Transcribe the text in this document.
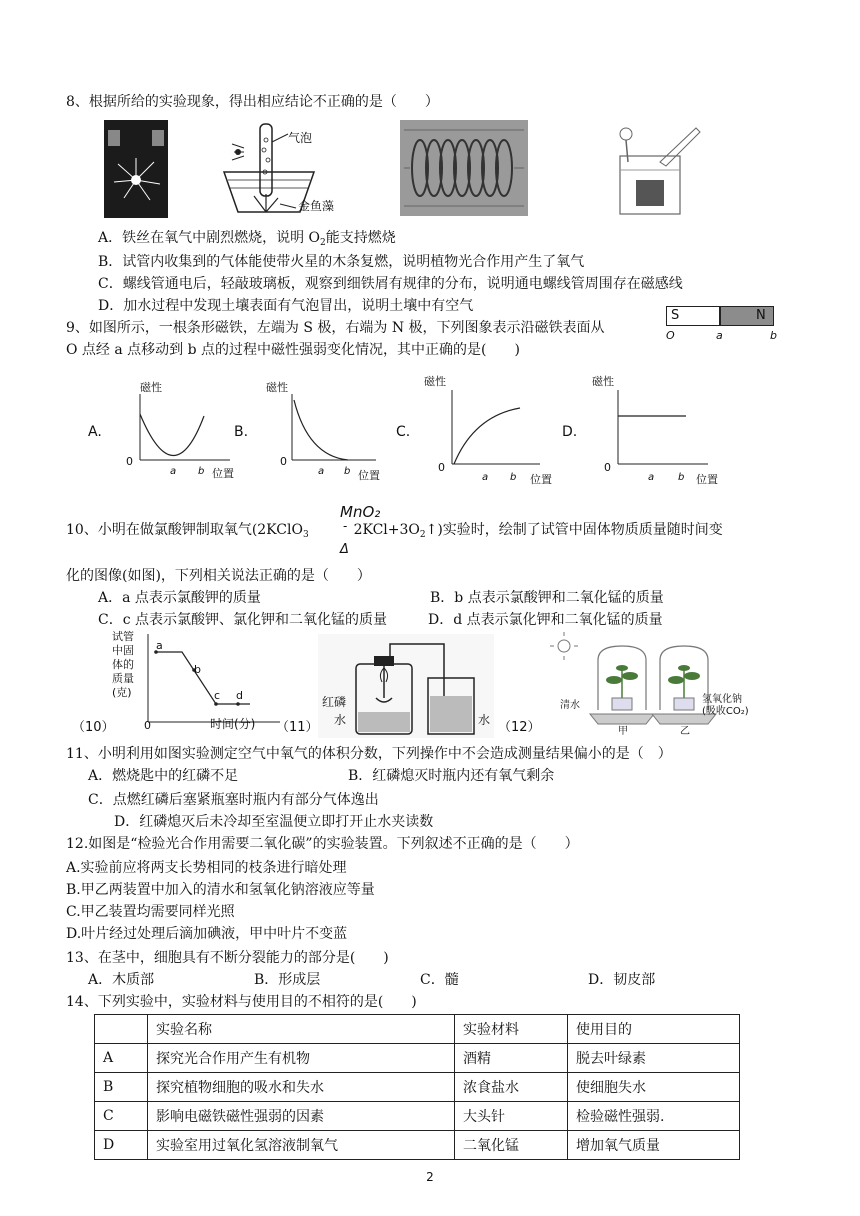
8、根据所给的实验现象，得出相应结论不正确的是（　　）
气泡
金鱼藻
A．铁丝在氧气中剧烈燃烧，说明 $O_2$能支持燃烧
B．试管内收集到的气体能使带火星的木条复燃，说明植物光合作用产生了氧气
C．螺线管通电后，轻敲玻璃板，观察到细铁屑有规律的分布，说明通电螺线管周围存在磁感线
D．加水过程中发现土壤表面有气泡冒出，说明土壤中有空气
9、如图所示，一根条形磁铁，左端为 S 极，右端为 N 极，下列图象表示沿磁铁表面从
O 点经 a 点移动到 b 点的过程中磁性强弱变化情况，其中正确的是(　　)
S	N
O	a	b
A.
磁性
0
a b 位置
B.
磁性
0
a b 位置
C.
磁性
0
a b 位置
D.
磁性
0
a b 位置
MnO₂
-
Δ
10、小明在做氯酸钾制取氧气(2KClO$_3$	$2KCl+3O_2↑$)实验时，绘制了试管中固体物质质量随时间变
化的图像(如图)，下列相关说法正确的是（　　）
A．a 点表示氯酸钾的质量	B．b 点表示氯酸钾和二氧化锰的质量
C．c 点表示氯酸钾、氯化钾和二氧化锰的质量	D．d 点表示氯化钾和二氧化锰的质量
试管
中固
体的
质量
(克)
a
b
c d
0	时间(分)
（10）
红磷
水	水
（11）	（12）
清水
氢氧化钠
(吸收CO₂)
甲	乙
11、小明利用如图实验测定空气中氧气的体积分数，下列操作中不会造成测量结果偏小的是（　）
A．燃烧匙中的红磷不足	B．红磷熄灭时瓶内还有氧气剩余
C．点燃红磷后塞紧瓶塞时瓶内有部分气体逸出
D．红磷熄灭后未冷却至室温便立即打开止水夹读数
12.如图是“检验光合作用需要二氧化碳”的实验装置。下列叙述不正确的是（　　）
A.实验前应将两支长势相同的枝条进行暗处理
B.甲乙两装置中加入的清水和氢氧化钠溶液应等量
C.甲乙装置均需要同样光照
D.叶片经过处理后滴加碘液，甲中叶片不变蓝
13、在茎中，细胞具有不断分裂能力的部分是(　　)
A．木质部	B．形成层	C．髓	D．韧皮部
14、下列实验中，实验材料与使用目的不相符的是(　　)
	实验名称	实验材料	使用目的
A	探究光合作用产生有机物	酒精	脱去叶绿素
B	探究植物细胞的吸水和失水	浓食盐水	使细胞失水
C	影响电磁铁磁性强弱的因素	大头针	检验磁性强弱.
D	实验室用过氧化氢溶液制氧气	二氧化锰	增加氧气质量
2
